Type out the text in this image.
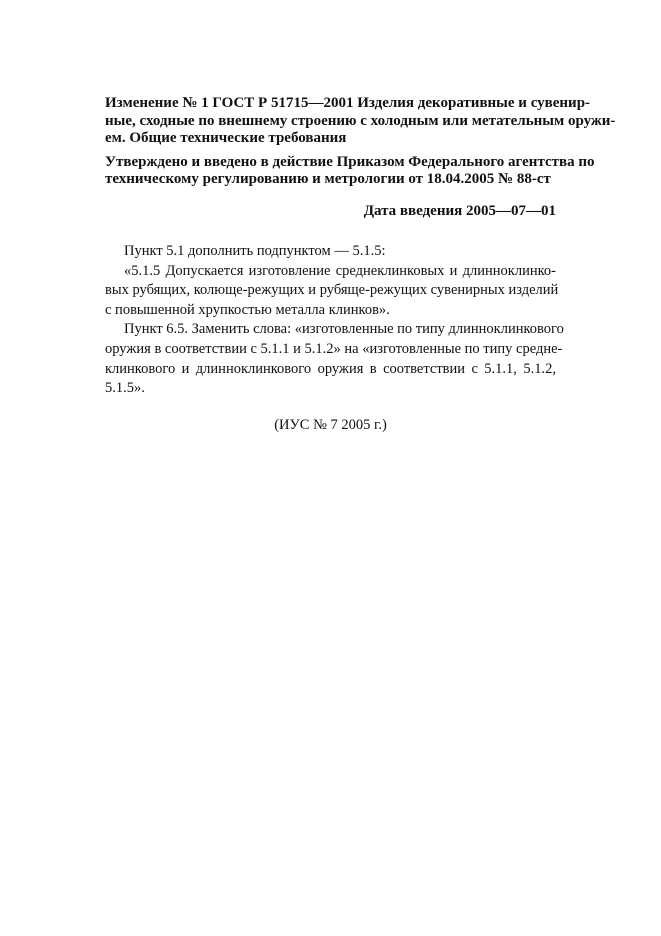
Изменение № 1 ГОСТ Р 51715—2001 Изделия декоративные и сувенир-
ные, сходные по внешнему строению с холодным или метательным оружи-
ем. Общие технические требования
Утверждено и введено в действие Приказом Федерального агентства по
техническому регулированию и метрологии от 18.04.2005 № 88-ст
Дата введения 2005—07—01
Пункт 5.1 дополнить подпунктом — 5.1.5:
«5.1.5 Допускается изготовление среднеклинковых и длинноклинко-
вых рубящих, колюще-режущих и рубяще-режущих сувенирных изделий
с повышенной хрупкостью металла клинков».
Пункт 6.5. Заменить слова: «изготовленные по типу длинноклинкового
оружия в соответствии с 5.1.1 и 5.1.2» на «изготовленные по типу средне-
клинкового и длинноклинкового оружия в соответствии с 5.1.1, 5.1.2,
5.1.5».
(ИУС № 7 2005 г.)
